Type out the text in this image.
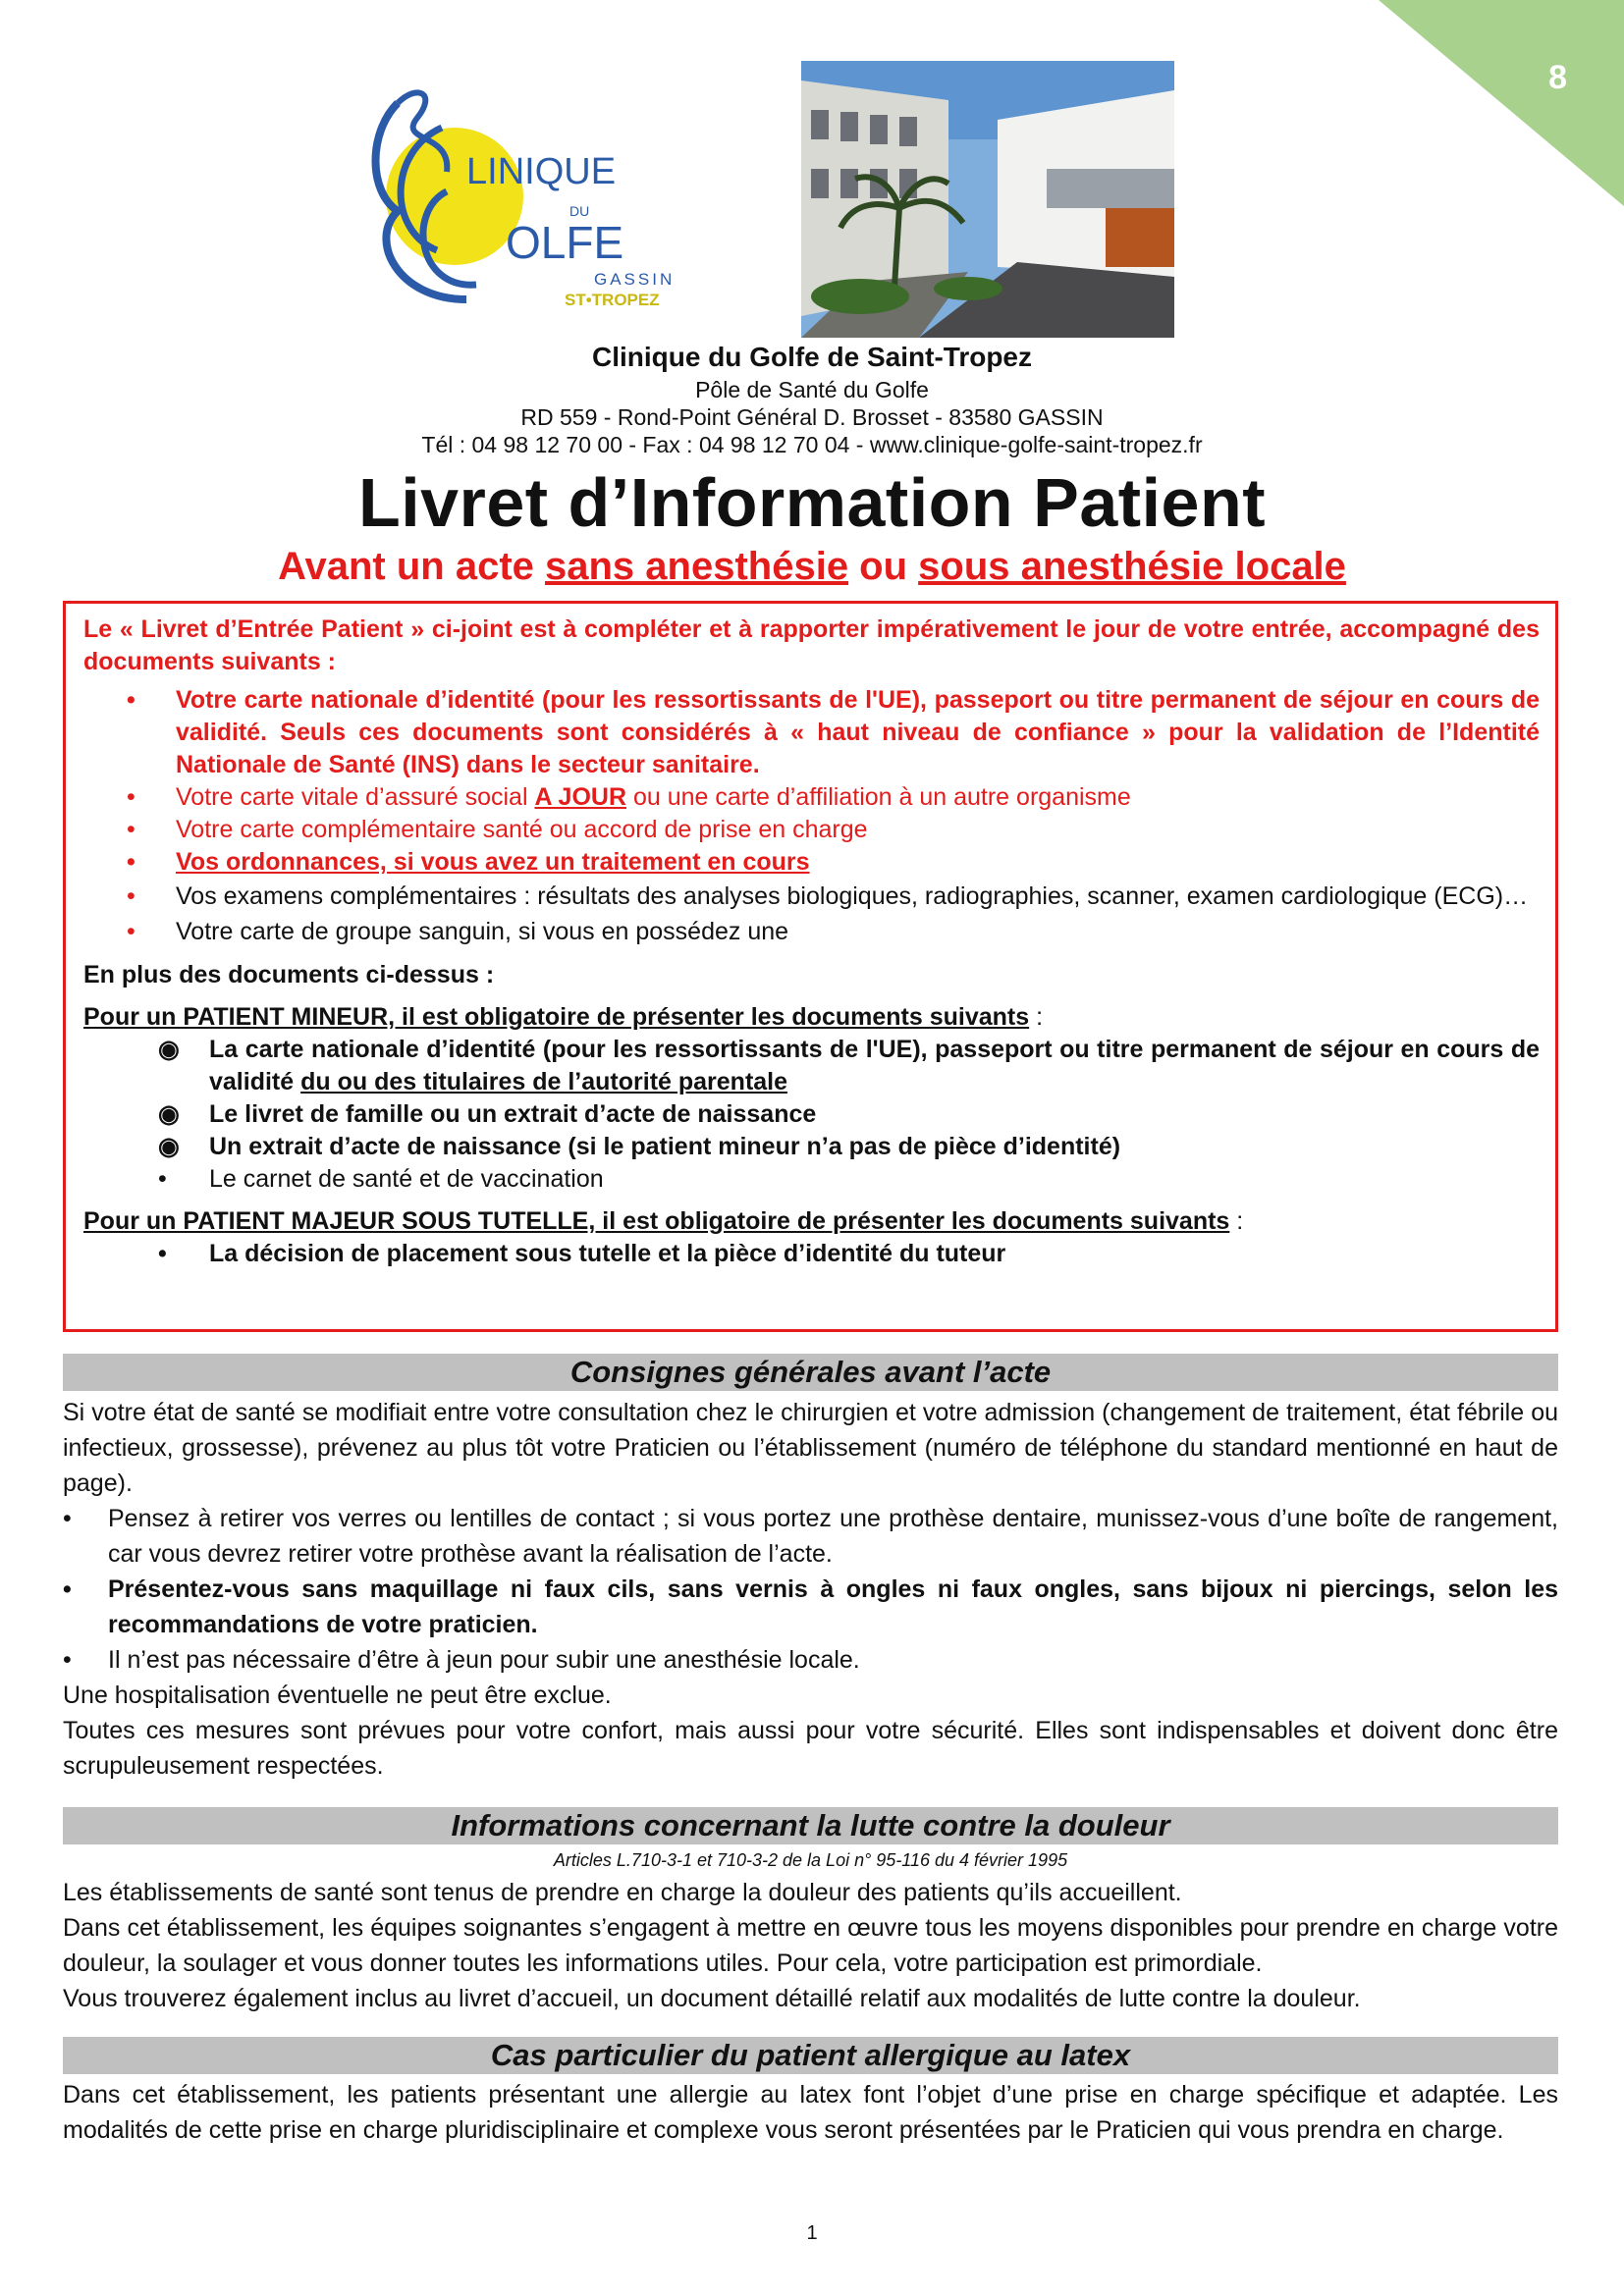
8
LINIQUE
DU
OLFE
GASSIN
ST•TROPEZ
Clinique du Golfe de Saint-Tropez
Pôle de Santé du Golfe
RD 559 - Rond-Point Général D. Brosset - 83580 GASSIN
Tél : 04 98 12 70 00 - Fax : 04 98 12 70 04 - www.clinique-golfe-saint-tropez.fr
Livret d’Information Patient
Avant un acte sans anesthésie ou sous anesthésie locale
Le « Livret d’Entrée Patient » ci-joint est à compléter et à rapporter impérativement le jour de votre entrée, accompagné des documents suivants :
• Votre carte nationale d’identité (pour les ressortissants de l'UE), passeport ou titre permanent de séjour en cours de validité. Seuls ces documents sont considérés à « haut niveau de confiance » pour la validation de l’Identité Nationale de Santé (INS) dans le secteur sanitaire.
• Votre carte vitale d’assuré social A JOUR ou une carte d’affiliation à un autre organisme
• Votre carte complémentaire santé ou accord de prise en charge
• Vos ordonnances, si vous avez un traitement en cours
• Vos examens complémentaires : résultats des analyses biologiques, radiographies, scanner, examen cardiologique (ECG)…
• Votre carte de groupe sanguin, si vous en possédez une
En plus des documents ci-dessus :
Pour un PATIENT MINEUR, il est obligatoire de présenter les documents suivants :
◉ La carte nationale d’identité (pour les ressortissants de l'UE), passeport ou titre permanent de séjour en cours de validité du ou des titulaires de l’autorité parentale
◉ Le livret de famille ou un extrait d’acte de naissance
◉ Un extrait d’acte de naissance (si le patient mineur n’a pas de pièce d’identité)
• Le carnet de santé et de vaccination
Pour un PATIENT MAJEUR SOUS TUTELLE, il est obligatoire de présenter les documents suivants :
• La décision de placement sous tutelle et la pièce d’identité du tuteur
Consignes générales avant l’acte
Si votre état de santé se modifiait entre votre consultation chez le chirurgien et votre admission (changement de traitement, état fébrile ou infectieux, grossesse), prévenez au plus tôt votre Praticien ou l’établissement (numéro de téléphone du standard mentionné en haut de page).
• Pensez à retirer vos verres ou lentilles de contact ; si vous portez une prothèse dentaire, munissez-vous d’une boîte de rangement, car vous devrez retirer votre prothèse avant la réalisation de l’acte.
• Présentez-vous sans maquillage ni faux cils, sans vernis à ongles ni faux ongles, sans bijoux ni piercings, selon les recommandations de votre praticien.
• Il n’est pas nécessaire d’être à jeun pour subir une anesthésie locale.
Une hospitalisation éventuelle ne peut être exclue.
Toutes ces mesures sont prévues pour votre confort, mais aussi pour votre sécurité. Elles sont indispensables et doivent donc être scrupuleusement respectées.
Informations concernant la lutte contre la douleur
Articles L.710-3-1 et 710-3-2 de la Loi n° 95-116 du 4 février 1995
Les établissements de santé sont tenus de prendre en charge la douleur des patients qu’ils accueillent.
Dans cet établissement, les équipes soignantes s’engagent à mettre en œuvre tous les moyens disponibles pour prendre en charge votre douleur, la soulager et vous donner toutes les informations utiles. Pour cela, votre participation est primordiale.
Vous trouverez également inclus au livret d’accueil, un document détaillé relatif aux modalités de lutte contre la douleur.
Cas particulier du patient allergique au latex
Dans cet établissement, les patients présentant une allergie au latex font l’objet d’une prise en charge spécifique et adaptée. Les modalités de cette prise en charge pluridisciplinaire et complexe vous seront présentées par le Praticien qui vous prendra en charge.
1
